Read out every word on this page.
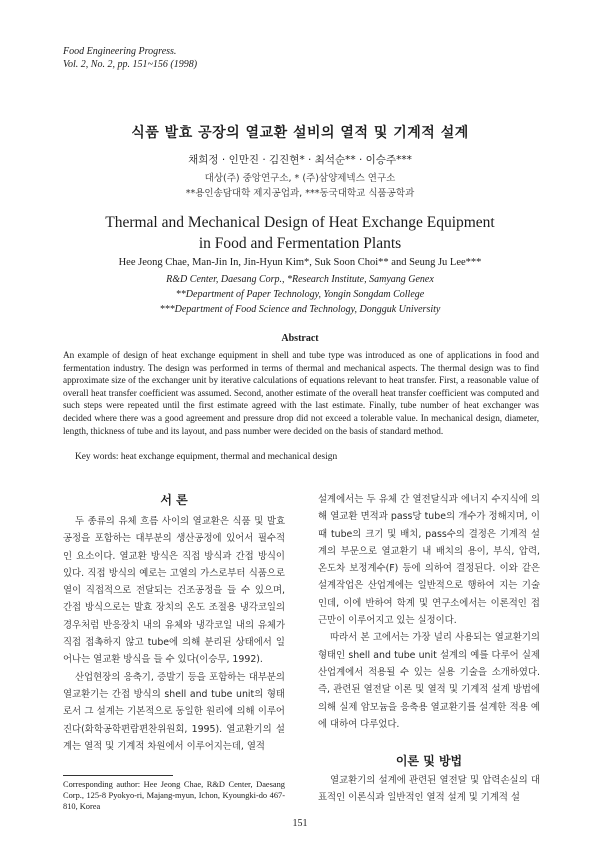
Food Engineering Progress.
Vol. 2, No. 2, pp. 151~156 (1998)
식품 발효 공장의 열교환 설비의 열적 및 기계적 설계
채희정 · 인만진 · 김진현* · 최석순** · 이승주***
대상(주) 중앙연구소, * (주)삼양제넥스 연구소
**용인송담대학 제지공업과, ***동국대학교 식품공학과
Thermal and Mechanical Design of Heat Exchange Equipment
in Food and Fermentation Plants
Hee Jeong Chae, Man-Jin In, Jin-Hyun Kim*, Suk Soon Choi** and Seung Ju Lee***
R&D Center, Daesang Corp., *Research Institute, Samyang Genex
**Department of Paper Technology, Yongin Songdam College
***Department of Food Science and Technology, Dongguk University
Abstract
An example of design of heat exchange equipment in shell and tube type was introduced as one of applications in food and fermentation industry. The design was performed in terms of thermal and mechanical aspects. The thermal design was to find approximate size of the exchanger unit by iterative calculations of equations relevant to heat transfer. First, a reasonable value of overall heat transfer coefficient was assumed. Second, another estimate of the overall heat transfer coefficient was computed and such steps were repeated until the first estimate agreed with the last estimate. Finally, tube number of heat exchanger was decided where there was a good agreement and pressure drop did not exceed a tolerable value. In mechanical design, diameter, length, thickness of tube and its layout, and pass number were decided on the basis of standard method.
Key words: heat exchange equipment, thermal and mechanical design
서 론

두 종류의 유체 흐름 사이의 열교환은 식품 및 발효 공정을 포함하는 대부분의 생산공정에 있어서 필수적인 요소이다. 열교환 방식은 직접 방식과 간접 방식이 있다. 직접 방식의 예로는 고열의 가스로부터 식품으로 열이 직접적으로 전달되는 건조공정을 들 수 있으며, 간접 방식으로는 발효 장치의 온도 조절용 냉각코일의 경우처럼 반응장치 내의 유체와 냉각코일 내의 유체가 직접 접촉하지 않고 tube에 의해 분리된 상태에서 일어나는 열교환 방식을 들 수 있다(이승무, 1992).

산업현장의 응축기, 증발기 등을 포함하는 대부분의 열교환기는 간접 방식의 shell and tube unit의 형태로서 그 설계는 기본적으로 동일한 원리에 의해 이루어 진다(화학공학편람편찬위원회, 1995). 열교환기의 설계는 열적 및 기계적 차원에서 이루어지는데, 열적

설계에서는 두 유체 간 열전달식과 에너지 수지식에 의해 열교환 면적과 pass당 tube의 개수가 정해지며, 이 때 tube의 크기 및 배치, pass수의 결정은 기계적 설계의 부문으로 열교환기 내 배치의 용이, 부식, 압력, 온도차 보정계수(F) 등에 의하여 결정된다. 이와 같은 설계작업은 산업계에는 일반적으로 행하여 지는 기술인데, 이에 반하여 학계 및 연구소에서는 이론적인 접근만이 이루어지고 있는 실정이다.

따라서 본 고에서는 가장 널리 사용되는 열교환기의 형태인 shell and tube unit 설계의 예를 다루어 실제 산업계에서 적용될 수 있는 실용 기술을 소개하였다. 즉, 관련된 열전달 이론 및 열적 및 기계적 설계 방법에 의해 실제 암모늄을 응축용 열교환기를 설계한 적용 예에 대하여 다루었다.

이론 및 방법

열교환기의 설계에 관련된 열전달 및 압력손실의 대표적인 이론식과 일반적인 열적 설계 및 기계적 설

Corresponding author: Hee Jeong Chae, R&D Center, Daesang Corp., 125-8 Pyokyo-ri, Majang-myun, Ichon, Kyoungki-do 467-810, Korea
151
